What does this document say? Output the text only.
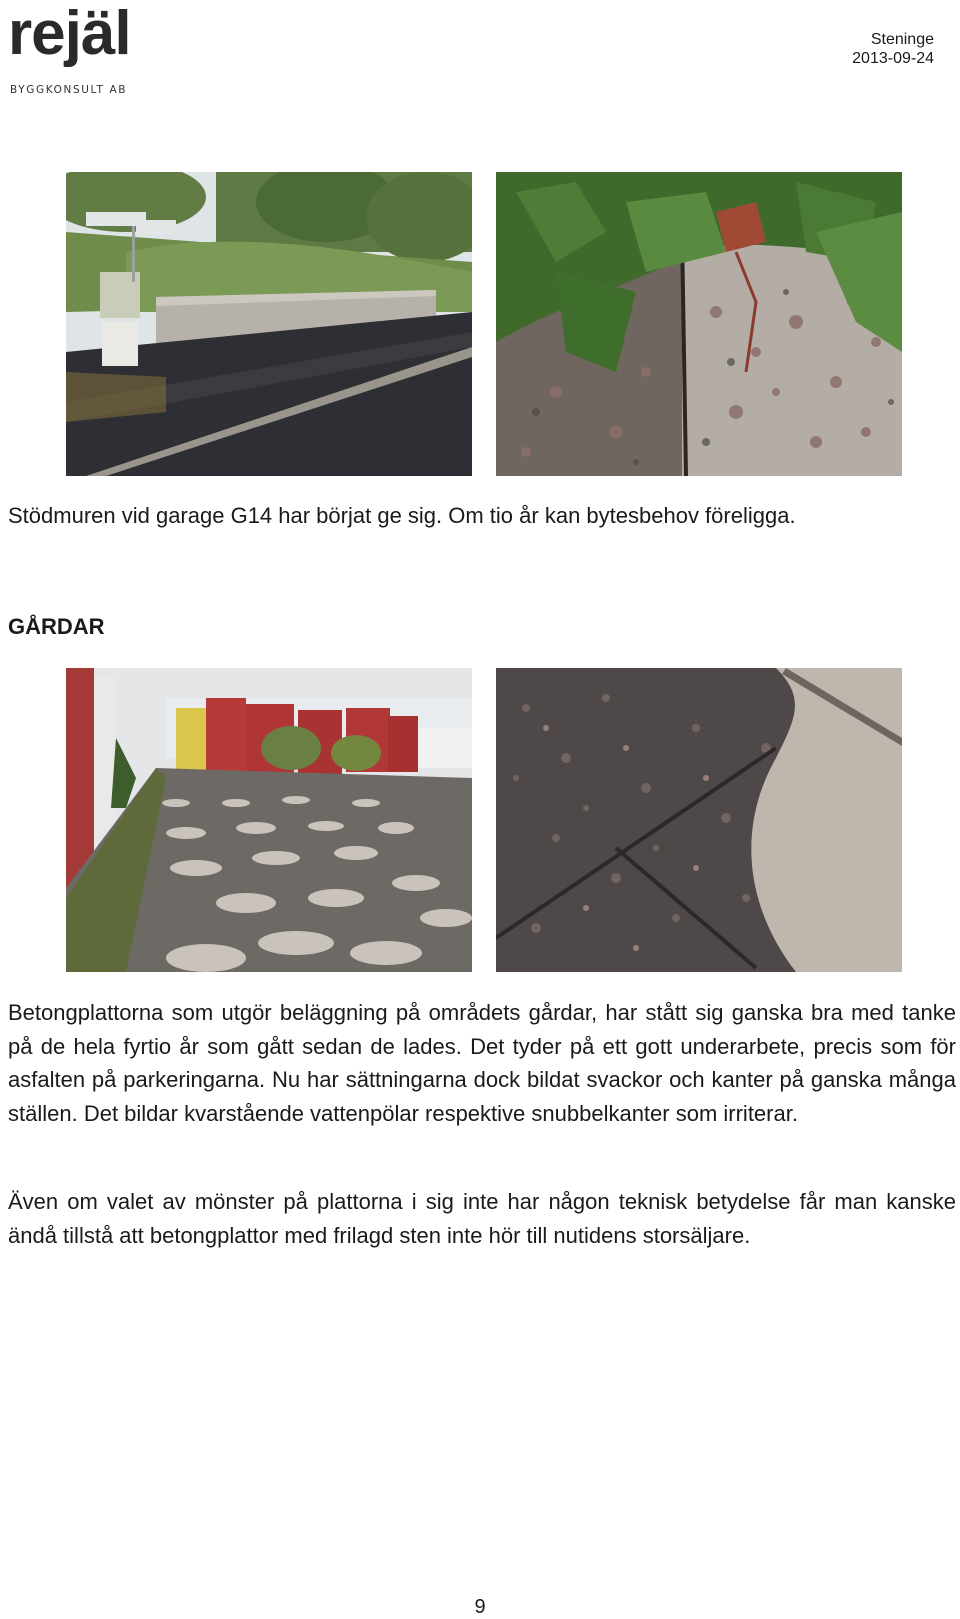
rejäl
BYGGKONSULT AB
Steninge
2013-09-24
Stödmuren vid garage G14 har börjat ge sig. Om tio år kan bytesbehov föreligga.
GÅRDAR

Betongplattorna som utgör beläggning på områdets gårdar, har stått sig ganska bra med tanke på de hela fyrtio år som gått sedan de lades. Det tyder på ett gott underarbete, precis som för asfalten på parkeringarna. Nu har sättningarna dock bildat svackor och kanter på ganska många ställen. Det bildar kvarstående vattenpölar respektive snubbelkanter som irriterar.

Även om valet av mönster på plattorna i sig inte har någon teknisk betydelse får man kanske ändå tillstå att betongplattor med frilagd sten inte hör till nutidens storsäljare.

9
